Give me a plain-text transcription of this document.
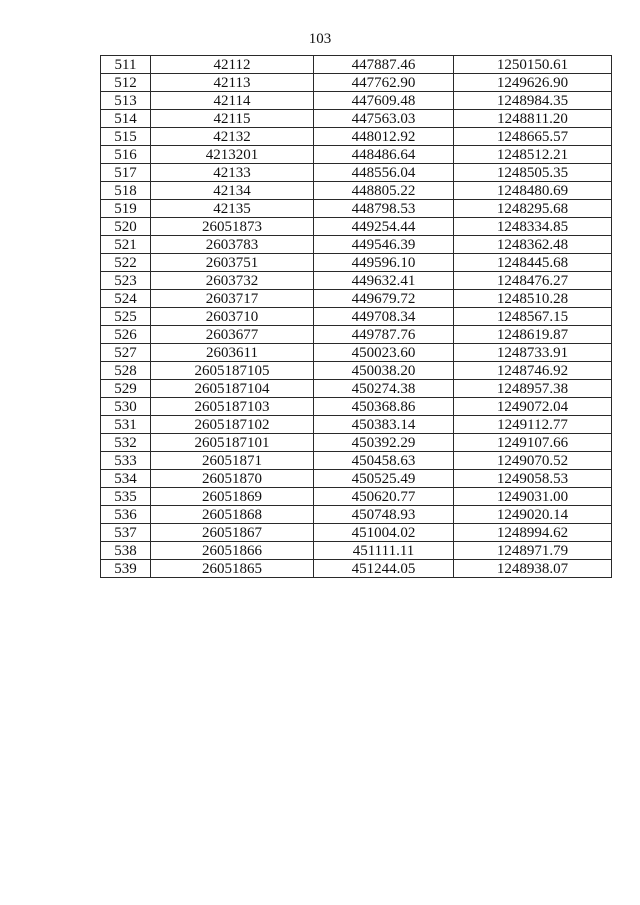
103
511	42112	447887.46	1250150.61
512	42113	447762.90	1249626.90
513	42114	447609.48	1248984.35
514	42115	447563.03	1248811.20
515	42132	448012.92	1248665.57
516	4213201	448486.64	1248512.21
517	42133	448556.04	1248505.35
518	42134	448805.22	1248480.69
519	42135	448798.53	1248295.68
520	26051873	449254.44	1248334.85
521	2603783	449546.39	1248362.48
522	2603751	449596.10	1248445.68
523	2603732	449632.41	1248476.27
524	2603717	449679.72	1248510.28
525	2603710	449708.34	1248567.15
526	2603677	449787.76	1248619.87
527	2603611	450023.60	1248733.91
528	2605187105	450038.20	1248746.92
529	2605187104	450274.38	1248957.38
530	2605187103	450368.86	1249072.04
531	2605187102	450383.14	1249112.77
532	2605187101	450392.29	1249107.66
533	26051871	450458.63	1249070.52
534	26051870	450525.49	1249058.53
535	26051869	450620.77	1249031.00
536	26051868	450748.93	1249020.14
537	26051867	451004.02	1248994.62
538	26051866	451111.11	1248971.79
539	26051865	451244.05	1248938.07
